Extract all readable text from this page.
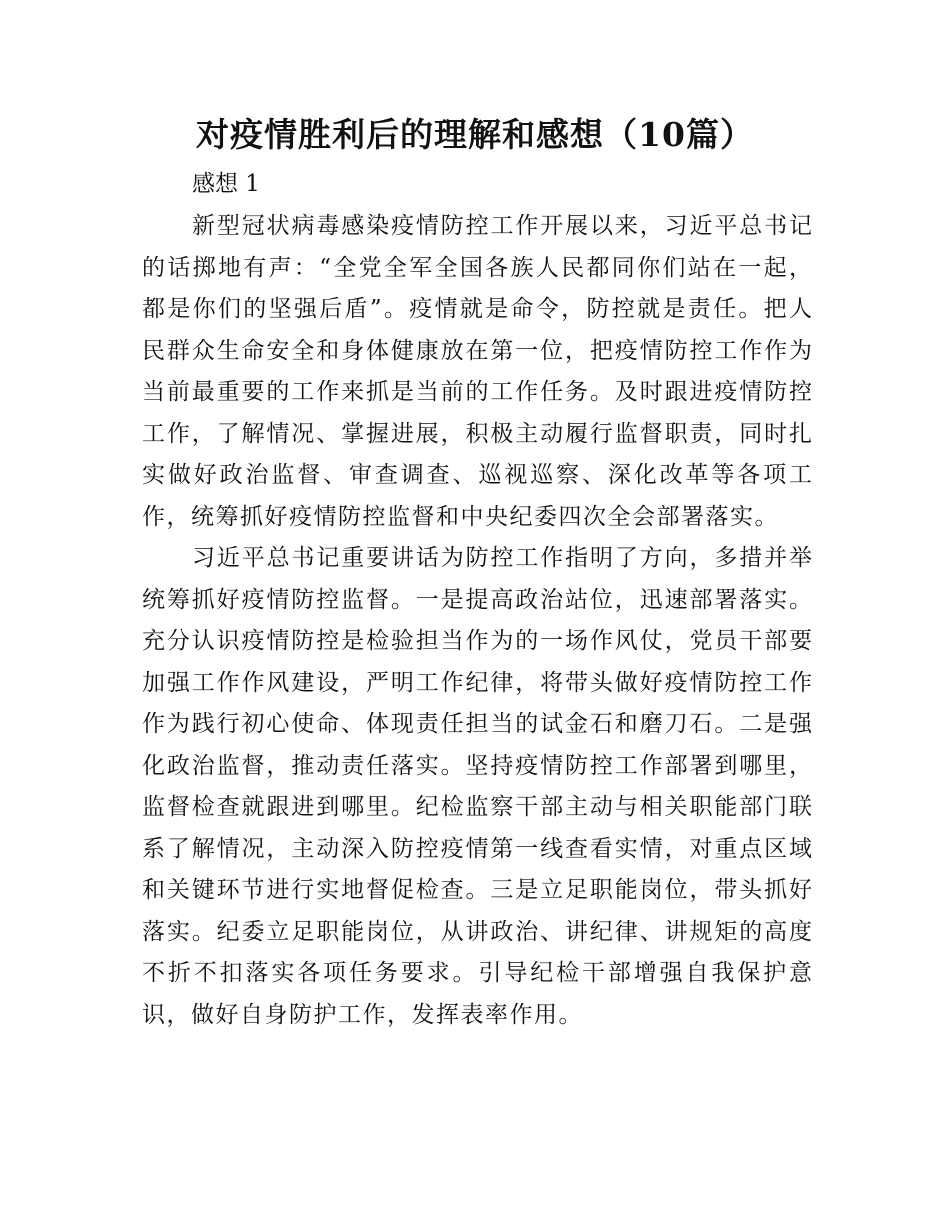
对疫情胜利后的理解和感想（10篇）

感想 1

新型冠状病毒感染疫情防控工作开展以来，习近平总书记
的话掷地有声：“全党全军全国各族人民都同你们站在一起，
都是你们的坚强后盾”。疫情就是命令，防控就是责任。把人
民群众生命安全和身体健康放在第一位，把疫情防控工作作为
当前最重要的工作来抓是当前的工作任务。及时跟进疫情防控
工作，了解情况、掌握进展，积极主动履行监督职责，同时扎
实做好政治监督、审查调查、巡视巡察、深化改革等各项工
作，统筹抓好疫情防控监督和中央纪委四次全会部署落实。
习近平总书记重要讲话为防控工作指明了方向，多措并举
统筹抓好疫情防控监督。一是提高政治站位，迅速部署落实。
充分认识疫情防控是检验担当作为的一场作风仗，党员干部要
加强工作作风建设，严明工作纪律，将带头做好疫情防控工作
作为践行初心使命、体现责任担当的试金石和磨刀石。二是强
化政治监督，推动责任落实。坚持疫情防控工作部署到哪里，
监督检查就跟进到哪里。纪检监察干部主动与相关职能部门联
系了解情况，主动深入防控疫情第一线查看实情，对重点区域
和关键环节进行实地督促检查。三是立足职能岗位，带头抓好
落实。纪委立足职能岗位，从讲政治、讲纪律、讲规矩的高度
不折不扣落实各项任务要求。引导纪检干部增强自我保护意
识，做好自身防护工作，发挥表率作用。
